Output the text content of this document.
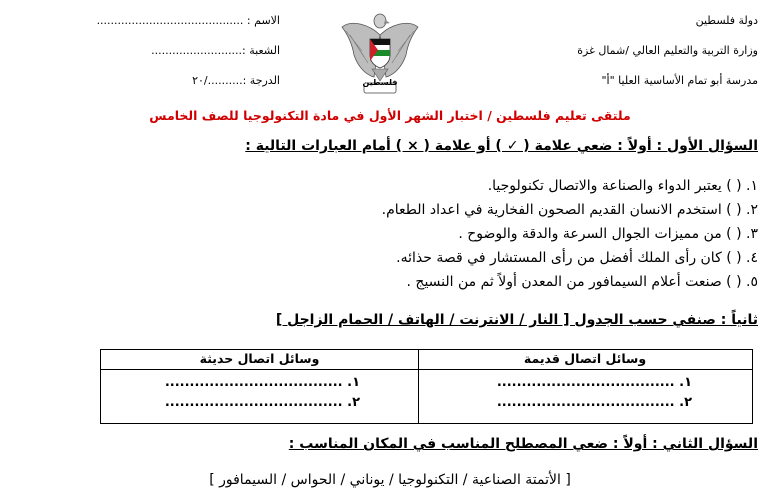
دولة فلسطين
وزارة التربية والتعليم العالي /شمال غزة
مدرسة أبو تمام الأساسية العليا "أ"
الاسم : ..........................................
الشعبة :..........................
الدرجة :........../٢٠	فلسطين
ملتقى تعليم فلسطين / اختبار الشهر الأول في مادة التكنولوجيا للصف الخامس
السؤال الأول : أولاً : ضعي علامة ( ✓ ) أو علامة ( × ) أمام العبارات التالية :
١. ( ) يعتبر الدواء والصناعة والاتصال تكنولوجيا.
٢. ( ) استخدم الانسان القديم الصحون الفخارية في اعداد الطعام.
٣. ( ) من مميزات الجوال السرعة والدقة والوضوح .
٤. ( ) كان رأى الملك أفضل من رأى المستشار في قصة حذائه.
٥. ( ) صنعت أعلام السيمافور من المعدن أولاً ثم من النسيج .
ثانياً : صنفي حسب الجدول [ النار / الانترنت / الهاتف / الحمام الزاجل ]
وسائل اتصال قديمة
وسائل اتصال حديثة
١. ....................................
٢. ....................................
١. ....................................
٢. ....................................
السؤال الثاني : أولاً : ضعي المصطلح المناسب في المكان المناسب :
[ الأتمتة الصناعية / التكنولوجيا / يوناني / الحواس / السيمافور ]
